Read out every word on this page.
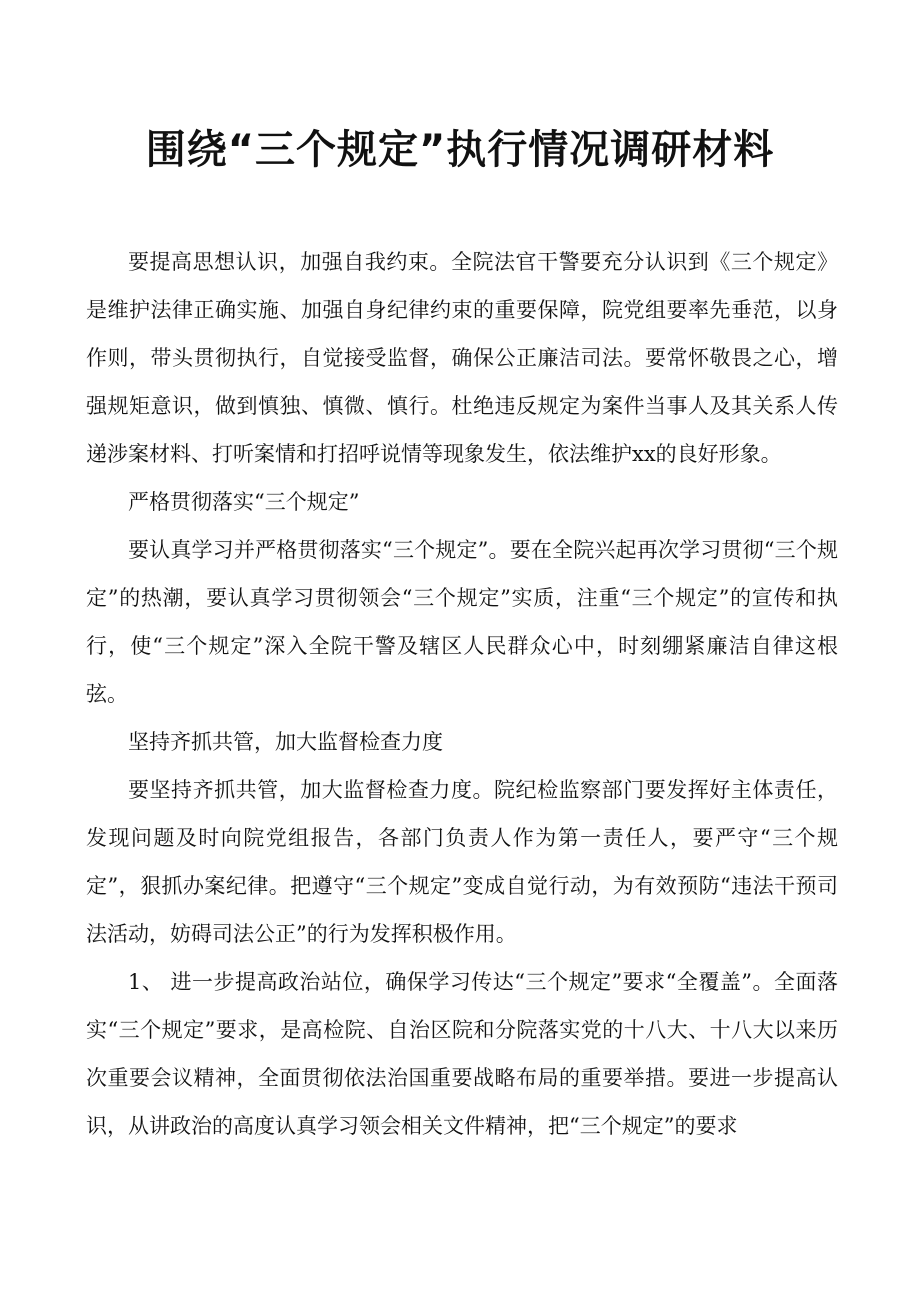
围绕“三个规定”执行情况调研材料

要提高思想认识，加强自我约束。全院法官干警要充分认识到《三个规定》是维护法律正确实施、加强自身纪律约束的重要保障，院党组要率先垂范，以身作则，带头贯彻执行，自觉接受监督，确保公正廉洁司法。要常怀敬畏之心，增强规矩意识，做到慎独、慎微、慎行。杜绝违反规定为案件当事人及其关系人传递涉案材料、打听案情和打招呼说情等现象发生，依法维护xx的良好形象。

严格贯彻落实“三个规定”

要认真学习并严格贯彻落实“三个规定”。要在全院兴起再次学习贯彻“三个规定”的热潮，要认真学习贯彻领会“三个规定”实质，注重“三个规定”的宣传和执行，使“三个规定”深入全院干警及辖区人民群众心中，时刻绷紧廉洁自律这根弦。

坚持齐抓共管，加大监督检查力度

要坚持齐抓共管，加大监督检查力度。院纪检监察部门要发挥好主体责任，发现问题及时向院党组报告，各部门负责人作为第一责任人，要严守“三个规定”，狠抓办案纪律。把遵守“三个规定”变成自觉行动，为有效预防“违法干预司法活动，妨碍司法公正”的行为发挥积极作用。

1、 进一步提高政治站位，确保学习传达“三个规定”要求“全覆盖”。全面落实“三个规定”要求，是高检院、自治区院和分院落实党的十八大、十八大以来历次重要会议精神，全面贯彻依法治国重要战略布局的重要举措。要进一步提高认识，从讲政治的高度认真学习领会相关文件精神，把“三个规定”的要求
